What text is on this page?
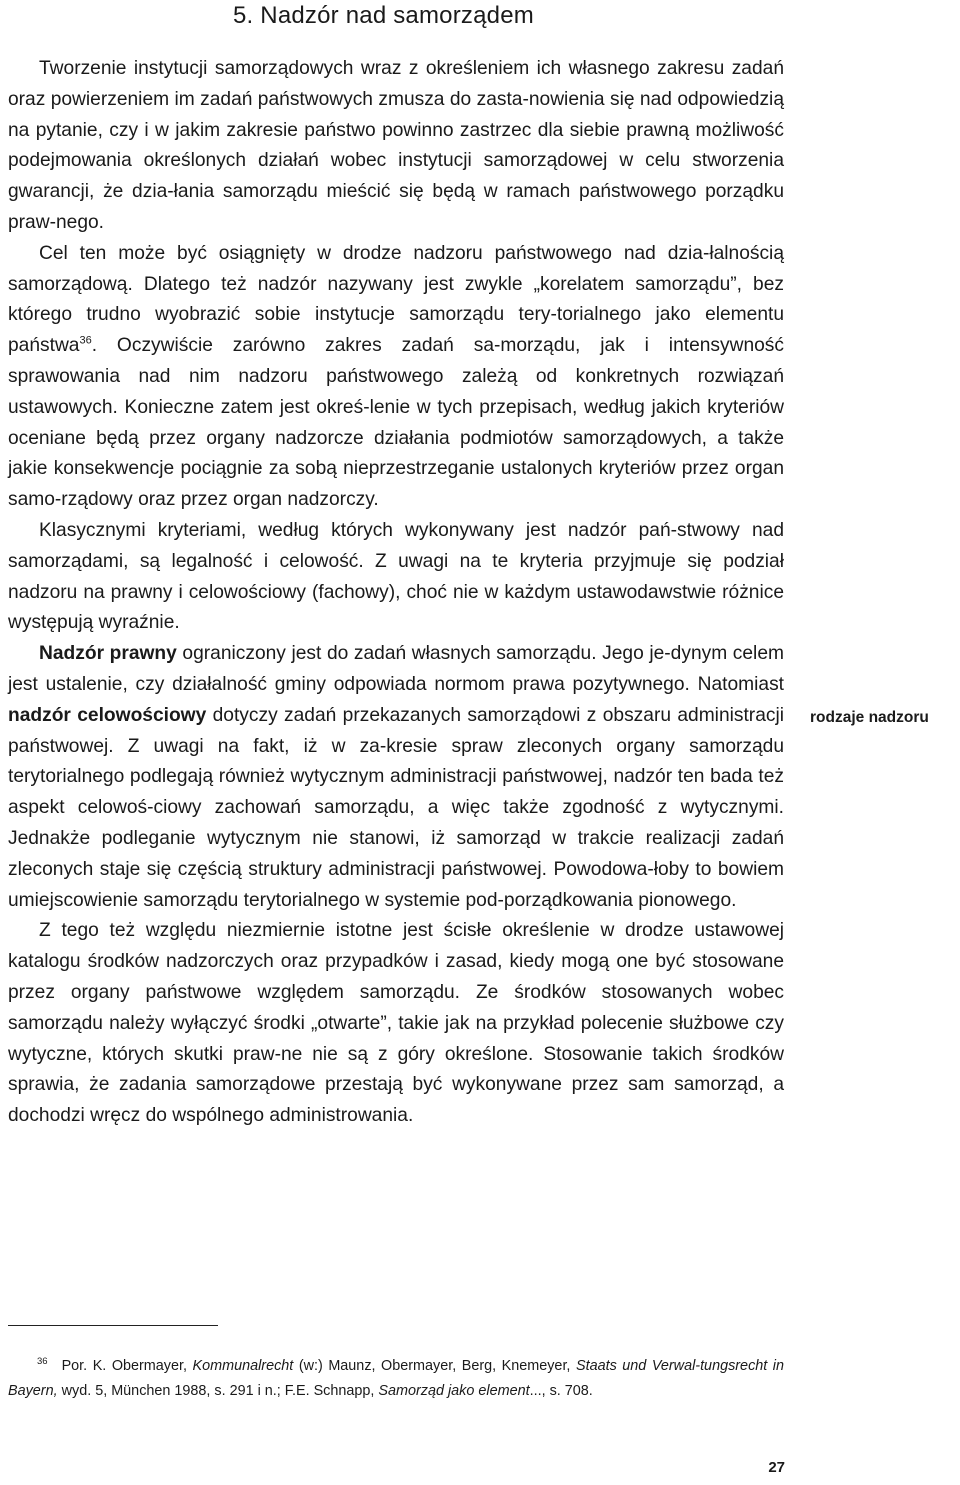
5. Nadzór nad samorządem

Tworzenie instytucji samorządowych wraz z określeniem ich własnego zakresu zadań oraz powierzeniem im zadań państwowych zmusza do zasta-nowienia się nad odpowiedzią na pytanie, czy i w jakim zakresie państwo powinno zastrzec dla siebie prawną możliwość podejmowania określonych działań wobec instytucji samorządowej w celu stworzenia gwarancji, że dzia-łania samorządu mieścić się będą w ramach państwowego porządku praw-nego.

Cel ten może być osiągnięty w drodze nadzoru państwowego nad dzia-łalnością samorządową. Dlatego też nadzór nazywany jest zwykle „korelatem samorządu”, bez którego trudno wyobrazić sobie instytucje samorządu tery-torialnego jako elementu państwa$^{36}$. Oczywiście zarówno zakres zadań sa-morządu, jak i intensywność sprawowania nad nim nadzoru państwowego zależą od konkretnych rozwiązań ustawowych. Konieczne zatem jest okreś-lenie w tych przepisach, według jakich kryteriów oceniane będą przez organy nadzorcze działania podmiotów samorządowych, a także jakie konsekwencje pociągnie za sobą nieprzestrzeganie ustalonych kryteriów przez organ samo-rządowy oraz przez organ nadzorczy.

Klasycznymi kryteriami, według których wykonywany jest nadzór pań-stwowy nad samorządami, są legalność i celowość. Z uwagi na te kryteria przyjmuje się podział nadzoru na prawny i celowościowy (fachowy), choć nie w każdym ustawodawstwie różnice występują wyraźnie.

Nadzór prawny ograniczony jest do zadań własnych samorządu. Jego je-dynym celem jest ustalenie, czy działalność gminy odpowiada normom prawa pozytywnego. Natomiast nadzór celowościowy dotyczy zadań przekazanych samorządowi z obszaru administracji państwowej. Z uwagi na fakt, iż w za-kresie spraw zleconych organy samorządu terytorialnego podlegają również wytycznym administracji państwowej, nadzór ten bada też aspekt celowoś-ciowy zachowań samorządu, a więc także zgodność z wytycznymi. Jednakże podleganie wytycznym nie stanowi, iż samorząd w trakcie realizacji zadań zleconych staje się częścią struktury administracji państwowej. Powodowa-łoby to bowiem umiejscowienie samorządu terytorialnego w systemie pod-porządkowania pionowego.

Z tego też względu niezmiernie istotne jest ścisłe określenie w drodze ustawowej katalogu środków nadzorczych oraz przypadków i zasad, kiedy mogą one być stosowane przez organy państwowe względem samorządu. Ze środków stosowanych wobec samorządu należy wyłączyć środki „otwarte”, takie jak na przykład polecenie służbowe czy wytyczne, których skutki praw-ne nie są z góry określone. Stosowanie takich środków sprawia, że zadania samorządowe przestają być wykonywane przez sam samorząd, a dochodzi wręcz do wspólnego administrowania.

rodzaje nadzoru
$^{36}$ Por. K. Obermayer, Kommunalrecht (w:) Maunz, Obermayer, Berg, Knemeyer, Staats und Verwal-tungsrecht in Bayern, wyd. 5, München 1988, s. 291 i n.; F.E. Schnapp, Samorząd jako element..., s. 708.
27
